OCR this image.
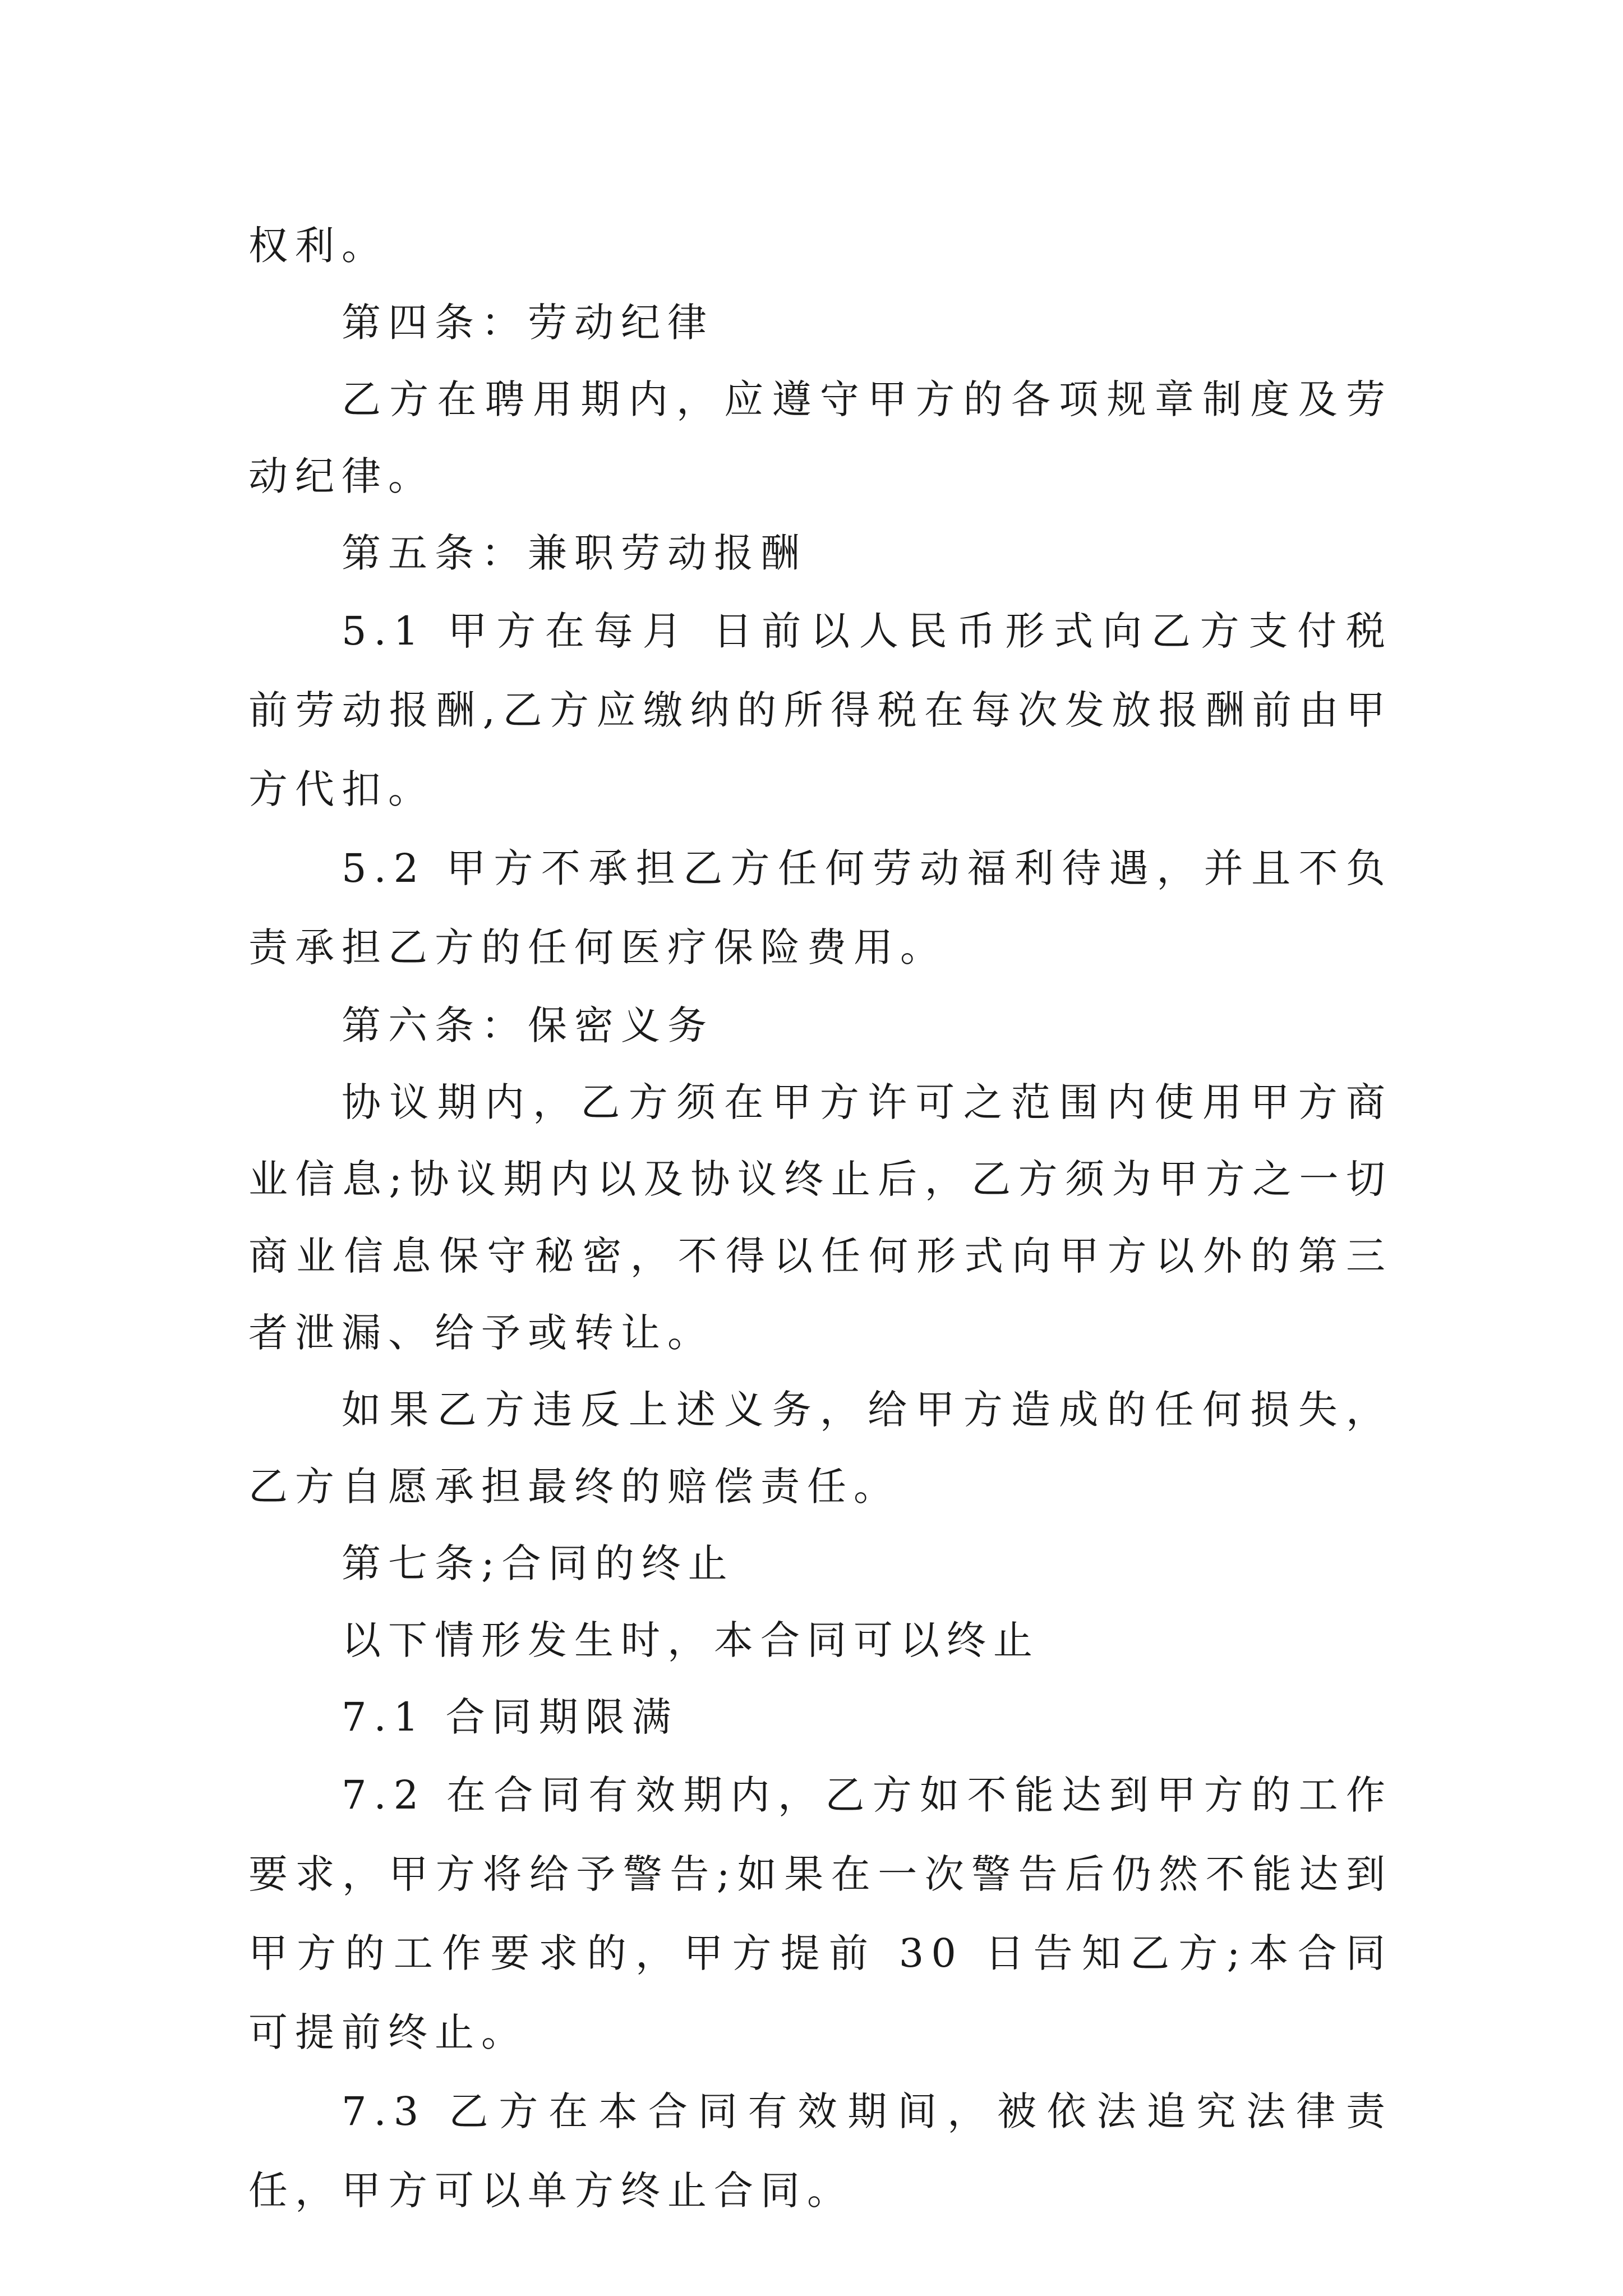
权利。

第四条：劳动纪律

乙方在聘用期内，应遵守甲方的各项规章制度及劳动纪律。

第五条：兼职劳动报酬

5.1 甲方在每月 日前以人民币形式向乙方支付税前劳动报酬,乙方应缴纳的所得税在每次发放报酬前由甲方代扣。

5.2 甲方不承担乙方任何劳动福利待遇，并且不负责承担乙方的任何医疗保险费用。

第六条：保密义务

协议期内，乙方须在甲方许可之范围内使用甲方商业信息;协议期内以及协议终止后，乙方须为甲方之一切商业信息保守秘密，不得以任何形式向甲方以外的第三者泄漏、给予或转让。

如果乙方违反上述义务，给甲方造成的任何损失，乙方自愿承担最终的赔偿责任。

第七条;合同的终止

以下情形发生时，本合同可以终止

7.1 合同期限满

7.2 在合同有效期内，乙方如不能达到甲方的工作要求，甲方将给予警告;如果在一次警告后仍然不能达到甲方的工作要求的，甲方提前 30 日告知乙方;本合同可提前终止。

7.3 乙方在本合同有效期间，被依法追究法律责任，甲方可以单方终止合同。
